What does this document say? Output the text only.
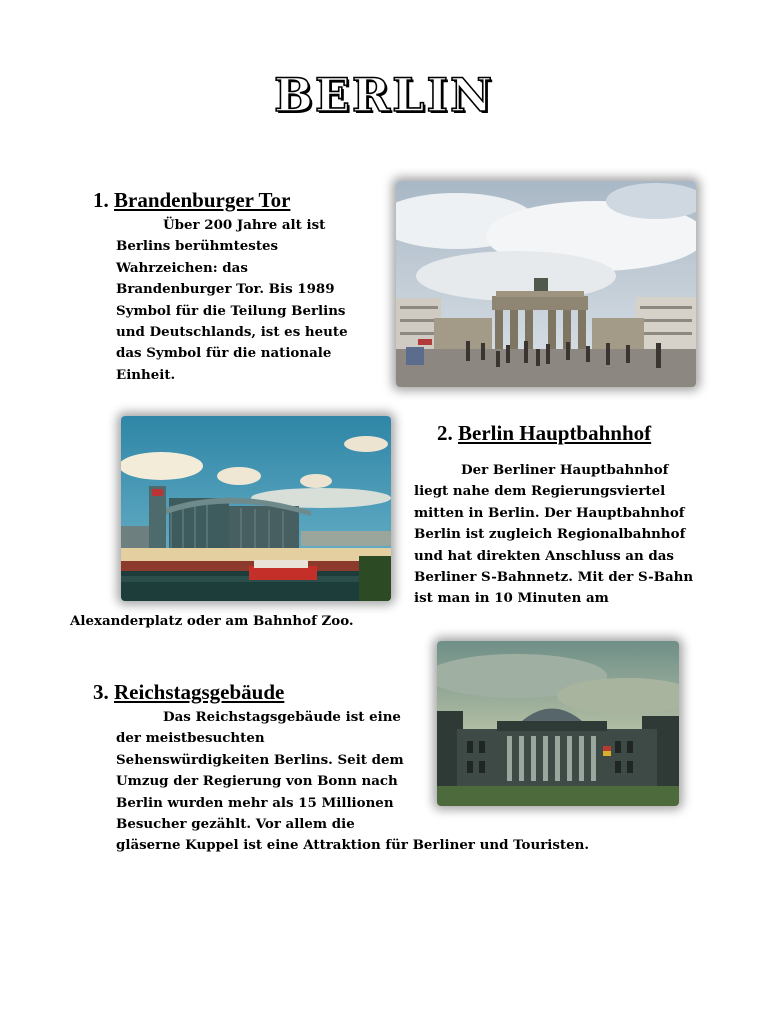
BERLIN
1. Brandenburger Tor
Über 200 Jahre alt ist
Berlins berühmtestes
Wahrzeichen: das
Brandenburger Tor. Bis 1989
Symbol für die Teilung Berlins
und Deutschlands, ist es heute
das Symbol für die nationale
Einheit.
2. Berlin Hauptbahnhof
Der Berliner Hauptbahnhof
liegt nahe dem Regierungsviertel
mitten in Berlin. Der Hauptbahnhof
Berlin ist zugleich Regionalbahnhof
und hat direkten Anschluss an das
Berliner S-Bahnnetz. Mit der S-Bahn
ist man in 10 Minuten am
Alexanderplatz oder am Bahnhof Zoo.
3. Reichstagsgebäude
Das Reichstagsgebäude ist eine
der meistbesuchten
Sehenswürdigkeiten Berlins. Seit dem
Umzug der Regierung von Bonn nach
Berlin wurden mehr als 15 Millionen
Besucher gezählt. Vor allem die
gläserne Kuppel ist eine Attraktion für Berliner und Touristen.
